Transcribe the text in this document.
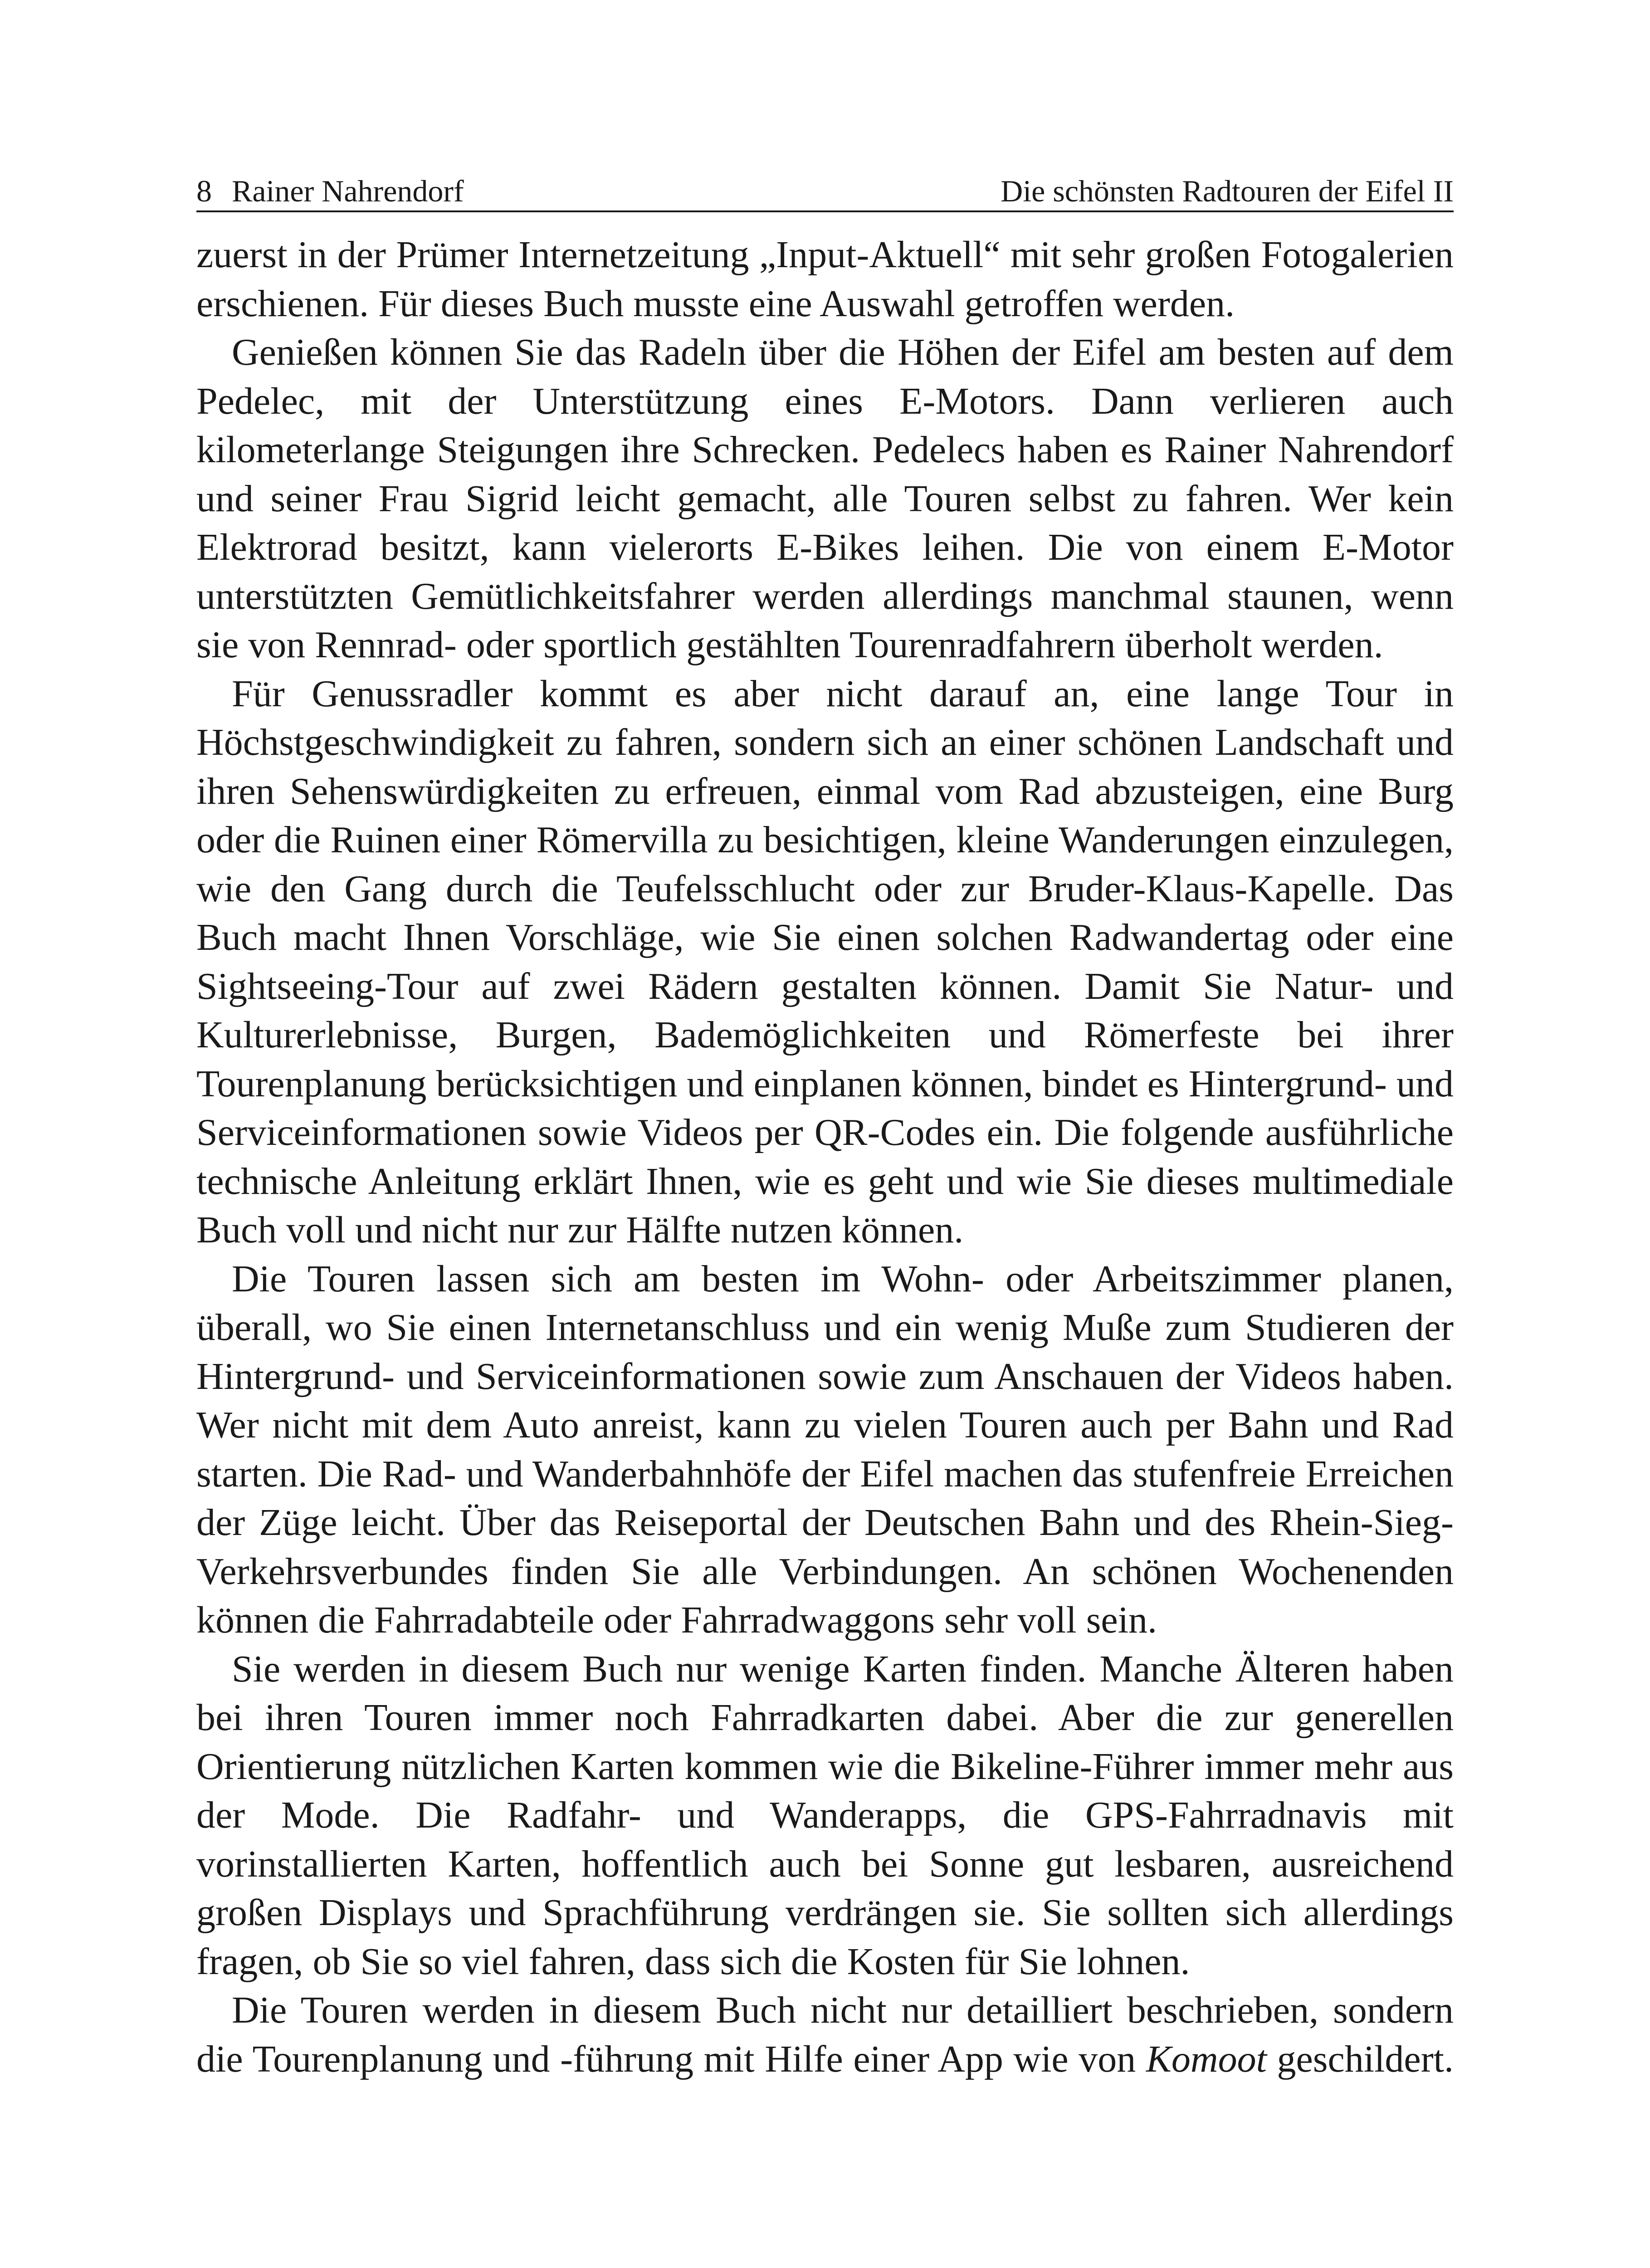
8 Rainer Nahrendorf	Die schönsten Radtouren der Eifel II

zuerst in der Prümer Internetzeitung „Input-Aktuell“ mit sehr großen Fotogalerien erschienen. Für dieses Buch musste eine Auswahl getroffen werden.

Genießen können Sie das Radeln über die Höhen der Eifel am besten auf dem Pedelec, mit der Unterstützung eines E-Motors. Dann verlieren auch kilometerlange Steigungen ihre Schrecken. Pedelecs haben es Rainer Nahrendorf und seiner Frau Sigrid leicht gemacht, alle Touren selbst zu fahren. Wer kein Elektrorad besitzt, kann vielerorts E-Bikes leihen. Die von einem E-Motor unterstützten Gemütlichkeitsfahrer werden allerdings manchmal staunen, wenn sie von Rennrad- oder sportlich gestählten Tourenradfahrern überholt werden.

Für Genussradler kommt es aber nicht darauf an, eine lange Tour in Höchstgeschwindigkeit zu fahren, sondern sich an einer schönen Landschaft und ihren Sehenswürdigkeiten zu erfreuen, einmal vom Rad abzusteigen, eine Burg oder die Ruinen einer Römervilla zu besichtigen, kleine Wanderungen einzulegen, wie den Gang durch die Teufelsschlucht oder zur Bruder-Klaus-Kapelle. Das Buch macht Ihnen Vorschläge, wie Sie einen solchen Radwandertag oder eine Sightseeing-Tour auf zwei Rädern gestalten können. Damit Sie Natur- und Kulturerlebnisse, Burgen, Bademöglichkeiten und Römerfeste bei ihrer Tourenplanung berücksichtigen und einplanen können, bindet es Hintergrund- und Serviceinformationen sowie Videos per QR-Codes ein. Die folgende ausführliche technische Anleitung erklärt Ihnen, wie es geht und wie Sie dieses multimediale Buch voll und nicht nur zur Hälfte nutzen können.

Die Touren lassen sich am besten im Wohn- oder Arbeitszimmer planen, überall, wo Sie einen Internetanschluss und ein wenig Muße zum Studieren der Hintergrund- und Serviceinformationen sowie zum Anschauen der Videos haben. Wer nicht mit dem Auto anreist, kann zu vielen Touren auch per Bahn und Rad starten. Die Rad- und Wanderbahnhöfe der Eifel machen das stufenfreie Erreichen der Züge leicht. Über das Reiseportal der Deutschen Bahn und des Rhein-Sieg-Verkehrsverbundes finden Sie alle Verbindungen. An schönen Wochenenden können die Fahrradabteile oder Fahrradwaggons sehr voll sein.

Sie werden in diesem Buch nur wenige Karten finden. Manche Älteren haben bei ihren Touren immer noch Fahrradkarten dabei. Aber die zur generellen Orientierung nützlichen Karten kommen wie die Bikeline-Führer immer mehr aus der Mode. Die Radfahr- und Wanderapps, die GPS-Fahrradnavis mit vorinstallierten Karten, hoffentlich auch bei Sonne gut lesbaren, ausreichend großen Displays und Sprachführung verdrängen sie. Sie sollten sich allerdings fragen, ob Sie so viel fahren, dass sich die Kosten für Sie lohnen.

Die Touren werden in diesem Buch nicht nur detailliert beschrieben, sondern die Tourenplanung und -führung mit Hilfe einer App wie von Komoot geschildert.
